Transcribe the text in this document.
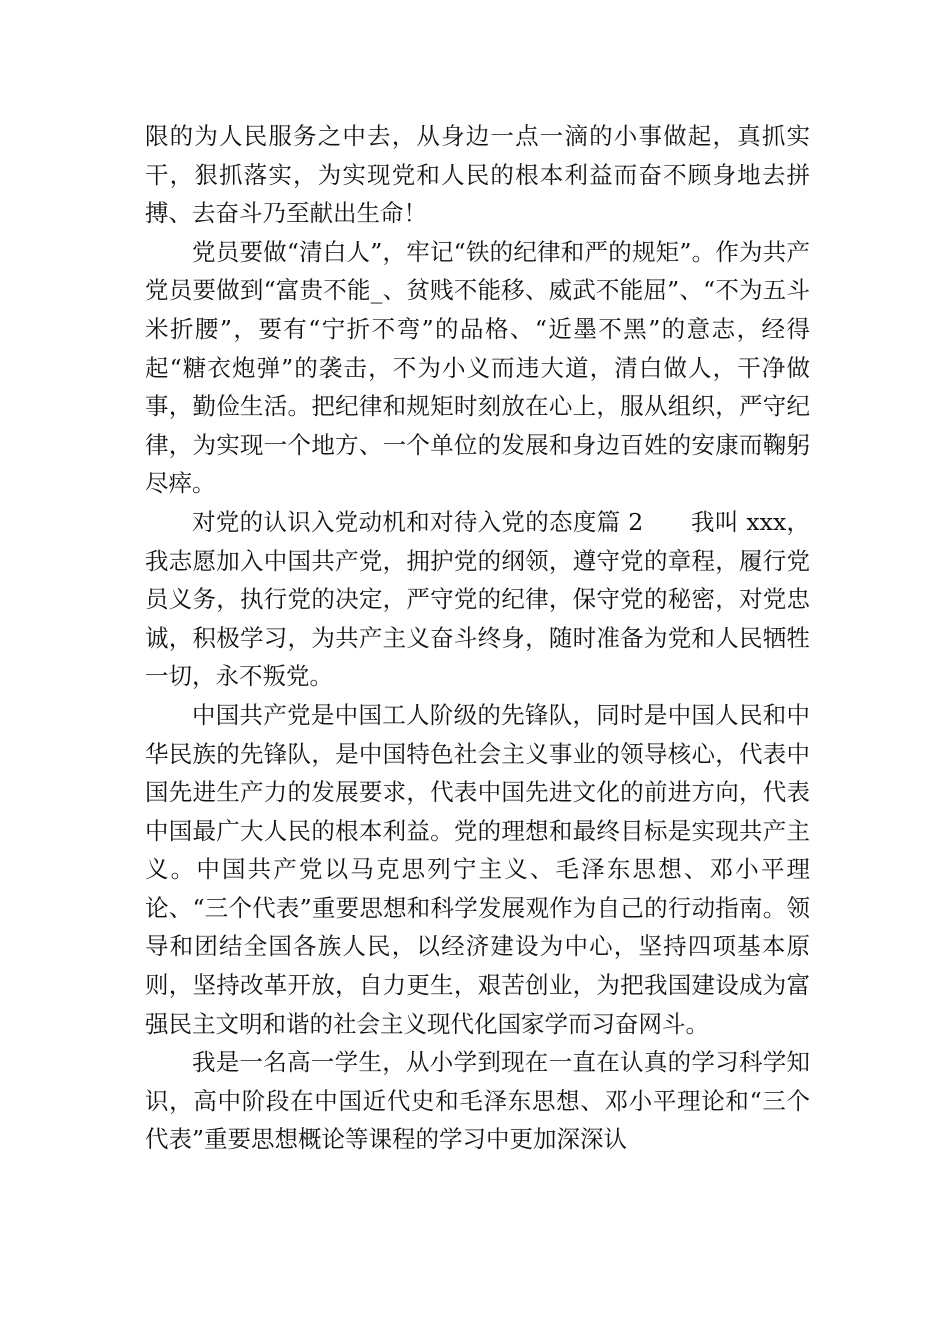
限的为人民服务之中去，从身边一点一滴的小事做起，真抓实干，狠抓落实，为实现党和人民的根本利益而奋不顾身地去拼搏、去奋斗乃至献出生命！

党员要做“清白人”，牢记“铁的纪律和严的规矩”。作为共产党员要做到“富贵不能_、贫贱不能移、威武不能屈”、“不为五斗米折腰”，要有“宁折不弯”的品格、“近墨不黑”的意志，经得起“糖衣炮弹”的袭击，不为小义而违大道，清白做人，干净做事，勤俭生活。把纪律和规矩时刻放在心上，服从组织，严守纪律，为实现一个地方、一个单位的发展和身边百姓的安康而鞠躬尽瘁。

对党的认识入党动机和对待入党的态度篇 2　　我叫 xxx，我志愿加入中国共产党，拥护党的纲领，遵守党的章程，履行党员义务，执行党的决定，严守党的纪律，保守党的秘密，对党忠诚，积极学习，为共产主义奋斗终身，随时准备为党和人民牺牲一切，永不叛党。

中国共产党是中国工人阶级的先锋队，同时是中国人民和中华民族的先锋队，是中国特色社会主义事业的领导核心，代表中国先进生产力的发展要求，代表中国先进文化的前进方向，代表中国最广大人民的根本利益。党的理想和最终目标是实现共产主义。中国共产党以马克思列宁主义、毛泽东思想、邓小平理论、“三个代表”重要思想和科学发展观作为自己的行动指南。领导和团结全国各族人民，以经济建设为中心，坚持四项基本原则，坚持改革开放，自力更生，艰苦创业，为把我国建设成为富强民主文明和谐的社会主义现代化国家学而习奋网斗。

我是一名高一学生，从小学到现在一直在认真的学习科学知识，高中阶段在中国近代史和毛泽东思想、邓小平理论和“三个代表”重要思想概论等课程的学习中更加深深认
